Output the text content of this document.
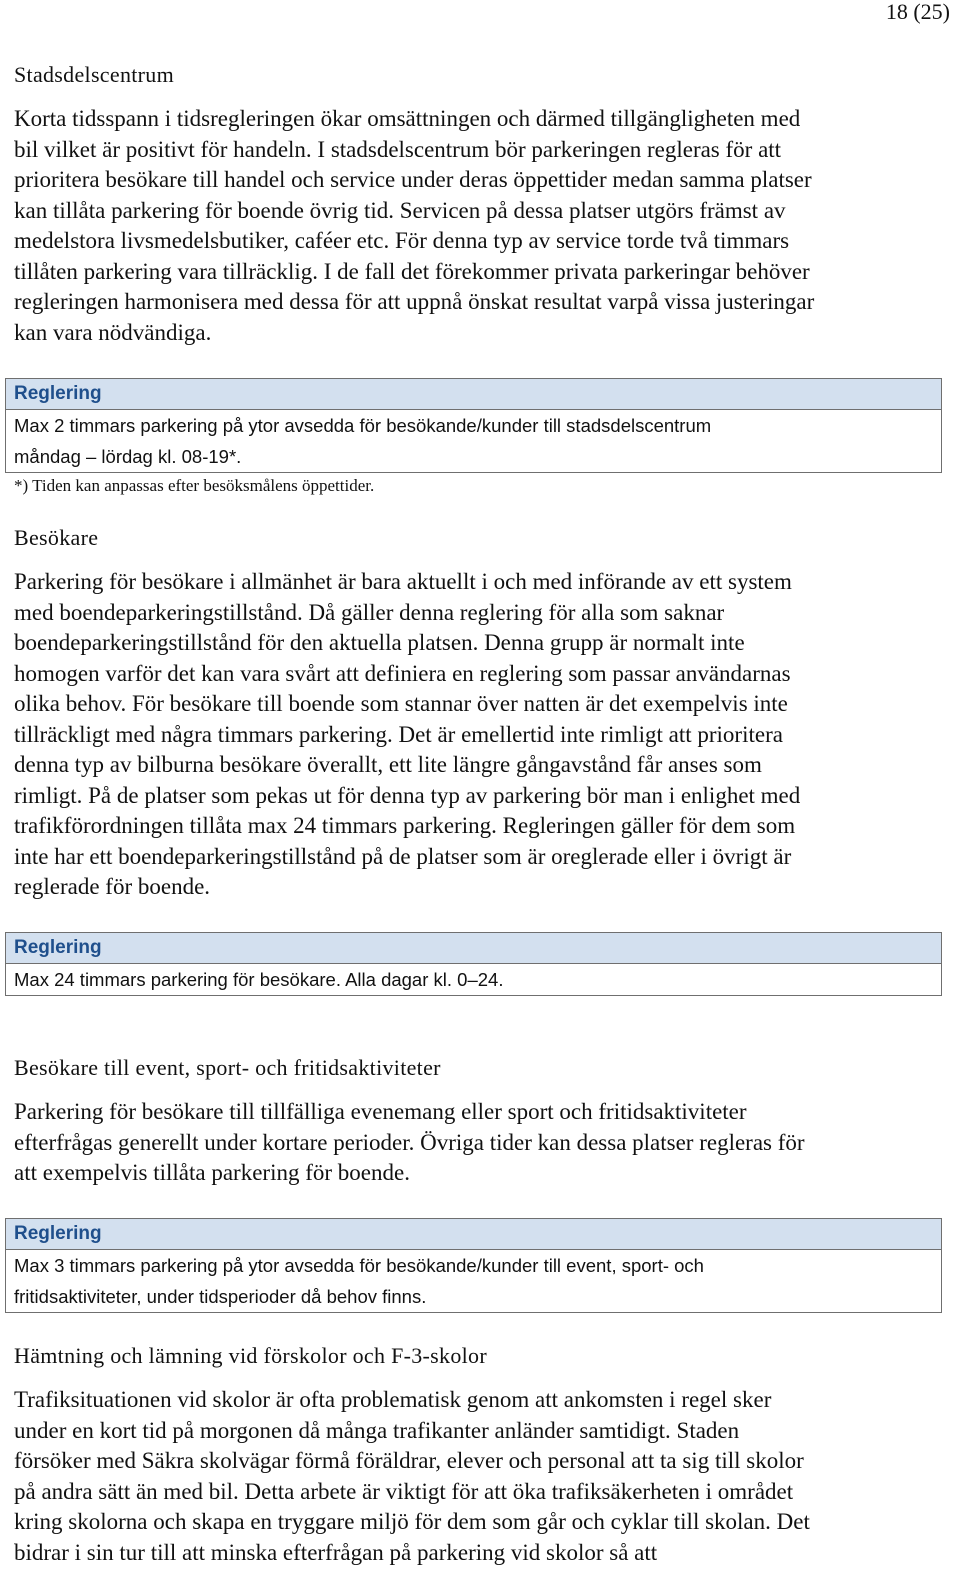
18 (25)
Stadsdelscentrum
Korta tidsspann i tidsregleringen ökar omsättningen och därmed tillgängligheten med
bil vilket är positivt för handeln. I stadsdelscentrum bör parkeringen regleras för att
prioritera besökare till handel och service under deras öppettider medan samma platser
kan tillåta parkering för boende övrig tid. Servicen på dessa platser utgörs främst av
medelstora livsmedelsbutiker, caféer etc. För denna typ av service torde två timmars
tillåten parkering vara tillräcklig. I de fall det förekommer privata parkeringar behöver
regleringen harmonisera med dessa för att uppnå önskat resultat varpå vissa justeringar
kan vara nödvändiga.
Reglering
Max 2 timmars parkering på ytor avsedda för besökande/kunder till stadsdelscentrum
måndag – lördag kl. 08-19*.
*) Tiden kan anpassas efter besöksmålens öppettider.
Besökare
Parkering för besökare i allmänhet är bara aktuellt i och med införande av ett system
med boendeparkeringstillstånd. Då gäller denna reglering för alla som saknar
boendeparkeringstillstånd för den aktuella platsen. Denna grupp är normalt inte
homogen varför det kan vara svårt att definiera en reglering som passar användarnas
olika behov. För besökare till boende som stannar över natten är det exempelvis inte
tillräckligt med några timmars parkering. Det är emellertid inte rimligt att prioritera
denna typ av bilburna besökare överallt, ett lite längre gångavstånd får anses som
rimligt. På de platser som pekas ut för denna typ av parkering bör man i enlighet med
trafikförordningen tillåta max 24 timmars parkering. Regleringen gäller för dem som
inte har ett boendeparkeringstillstånd på de platser som är oreglerade eller i övrigt är
reglerade för boende.
Reglering
Max 24 timmars parkering för besökare. Alla dagar kl. 0–24.
Besökare till event, sport- och fritidsaktiviteter
Parkering för besökare till tillfälliga evenemang eller sport och fritidsaktiviteter
efterfrågas generellt under kortare perioder. Övriga tider kan dessa platser regleras för
att exempelvis tillåta parkering för boende.
Reglering
Max 3 timmars parkering på ytor avsedda för besökande/kunder till event, sport- och
fritidsaktiviteter, under tidsperioder då behov finns.
Hämtning och lämning vid förskolor och F-3-skolor
Trafiksituationen vid skolor är ofta problematisk genom att ankomsten i regel sker
under en kort tid på morgonen då många trafikanter anländer samtidigt. Staden
försöker med Säkra skolvägar förmå föräldrar, elever och personal att ta sig till skolor
på andra sätt än med bil. Detta arbete är viktigt för att öka trafiksäkerheten i området
kring skolorna och skapa en tryggare miljö för dem som går och cyklar till skolan. Det
bidrar i sin tur till att minska efterfrågan på parkering vid skolor så att
